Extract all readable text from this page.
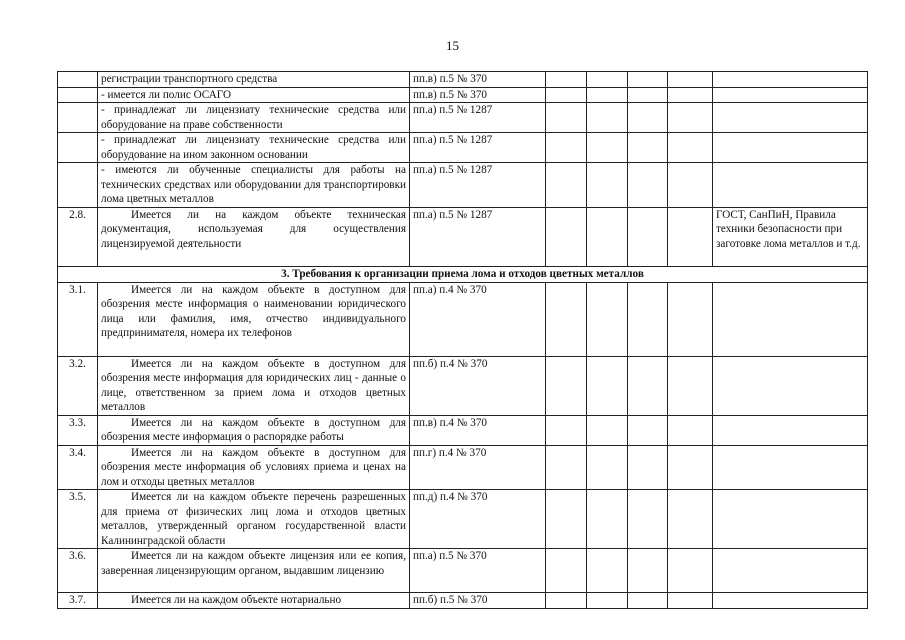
15
	регистрации транспортного средства	пп.в) п.5 № 370					
	- имеется ли полис ОСАГО	пп.в) п.5 № 370					
	- принадлежат ли лицензиату технические средства или оборудование на праве собственности	пп.а) п.5 № 1287					
	- принадлежат ли лицензиату технические средства или оборудование на ином законном основании	пп.а) п.5 № 1287					
	- имеются ли обученные специалисты для работы на технических средствах или оборудовании для транспортировки лома цветных металлов	пп.а) п.5 № 1287					
2.8.	Имеется ли на каждом объекте техническая документация, используемая для осуществления лицензируемой деятельности	пп.а) п.5 № 1287					ГОСТ, СанПиН, Правила техники безопасности при заготовке лома металлов и т.д.
3. Требования к организации приема лома и отходов цветных металлов							
3.1.	Имеется ли на каждом объекте в доступном для обозрения месте информация о наименовании юридического лица или фамилия, имя, отчество индивидуального предпринимателя, номера их телефонов	пп.а) п.4 № 370					
3.2.	Имеется ли на каждом объекте в доступном для обозрения месте информация для юридических лиц - данные о лице, ответственном за прием лома и отходов цветных металлов	пп.б) п.4 № 370					
3.3.	Имеется ли на каждом объекте в доступном для обозрения месте информация о распорядке работы	пп.в) п.4 № 370					
3.4.	Имеется ли на каждом объекте в доступном для обозрения месте информация об условиях приема и ценах на лом и отходы цветных металлов	пп.г) п.4 № 370					
3.5.	Имеется ли на каждом объекте перечень разрешенных для приема от физических лиц лома и отходов цветных металлов, утвержденный органом государственной власти Калининградской области	пп.д) п.4 № 370					
3.6.	Имеется ли на каждом объекте лицензия или ее копия, заверенная лицензирующим органом, выдавшим лицензию	пп.а) п.5 № 370					
3.7.	Имеется ли на каждом объекте нотариально	пп.б) п.5 № 370					
